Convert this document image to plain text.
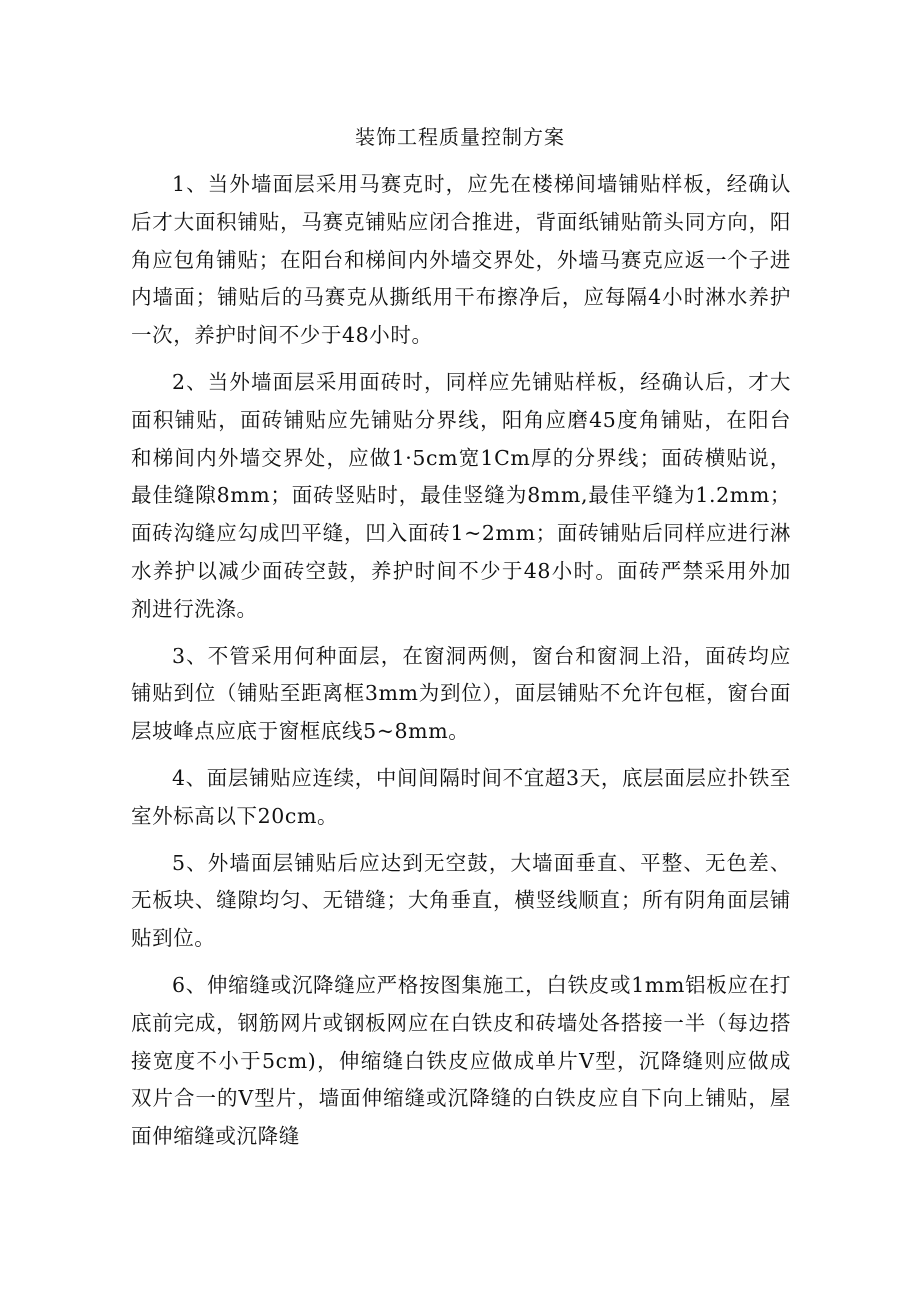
装饰工程质量控制方案

1、当外墙面层采用马赛克时，应先在楼梯间墙铺贴样板，经确认后才大面积铺贴，马赛克铺贴应闭合推进，背面纸铺贴箭头同方向，阳角应包角铺贴；在阳台和梯间内外墙交界处，外墙马赛克应返一个子进内墙面；铺贴后的马赛克从撕纸用干布擦净后，应每隔4小时淋水养护一次，养护时间不少于48小时。

2、当外墙面层采用面砖时，同样应先铺贴样板，经确认后，才大面积铺贴，面砖铺贴应先铺贴分界线，阳角应磨45度角铺贴，在阳台和梯间内外墙交界处，应做1·5cm宽1Cm厚的分界线；面砖横贴说，最佳缝隙8mm；面砖竖贴时，最佳竖缝为8mm,最佳平缝为1.2mm；面砖沟缝应勾成凹平缝，凹入面砖1~2mm；面砖铺贴后同样应进行淋水养护以减少面砖空鼓，养护时间不少于48小时。面砖严禁采用外加剂进行洗涤。

3、不管采用何种面层，在窗洞两侧，窗台和窗洞上沿，面砖均应铺贴到位（铺贴至距离框3mm为到位），面层铺贴不允许包框，窗台面层坡峰点应底于窗框底线5~8mm。

4、面层铺贴应连续，中间间隔时间不宜超3天，底层面层应扑铁至室外标高以下20cm。

5、外墙面层铺贴后应达到无空鼓，大墙面垂直、平整、无色差、无板块、缝隙均匀、无错缝；大角垂直，横竖线顺直；所有阴角面层铺贴到位。

6、伸缩缝或沉降缝应严格按图集施工，白铁皮或1mm铝板应在打底前完成，钢筋网片或钢板网应在白铁皮和砖墙处各搭接一半（每边搭接宽度不小于5cm)，伸缩缝白铁皮应做成单片V型，沉降缝则应做成双片合一的V型片，墙面伸缩缝或沉降缝的白铁皮应自下向上铺贴，屋面伸缩缝或沉降缝
